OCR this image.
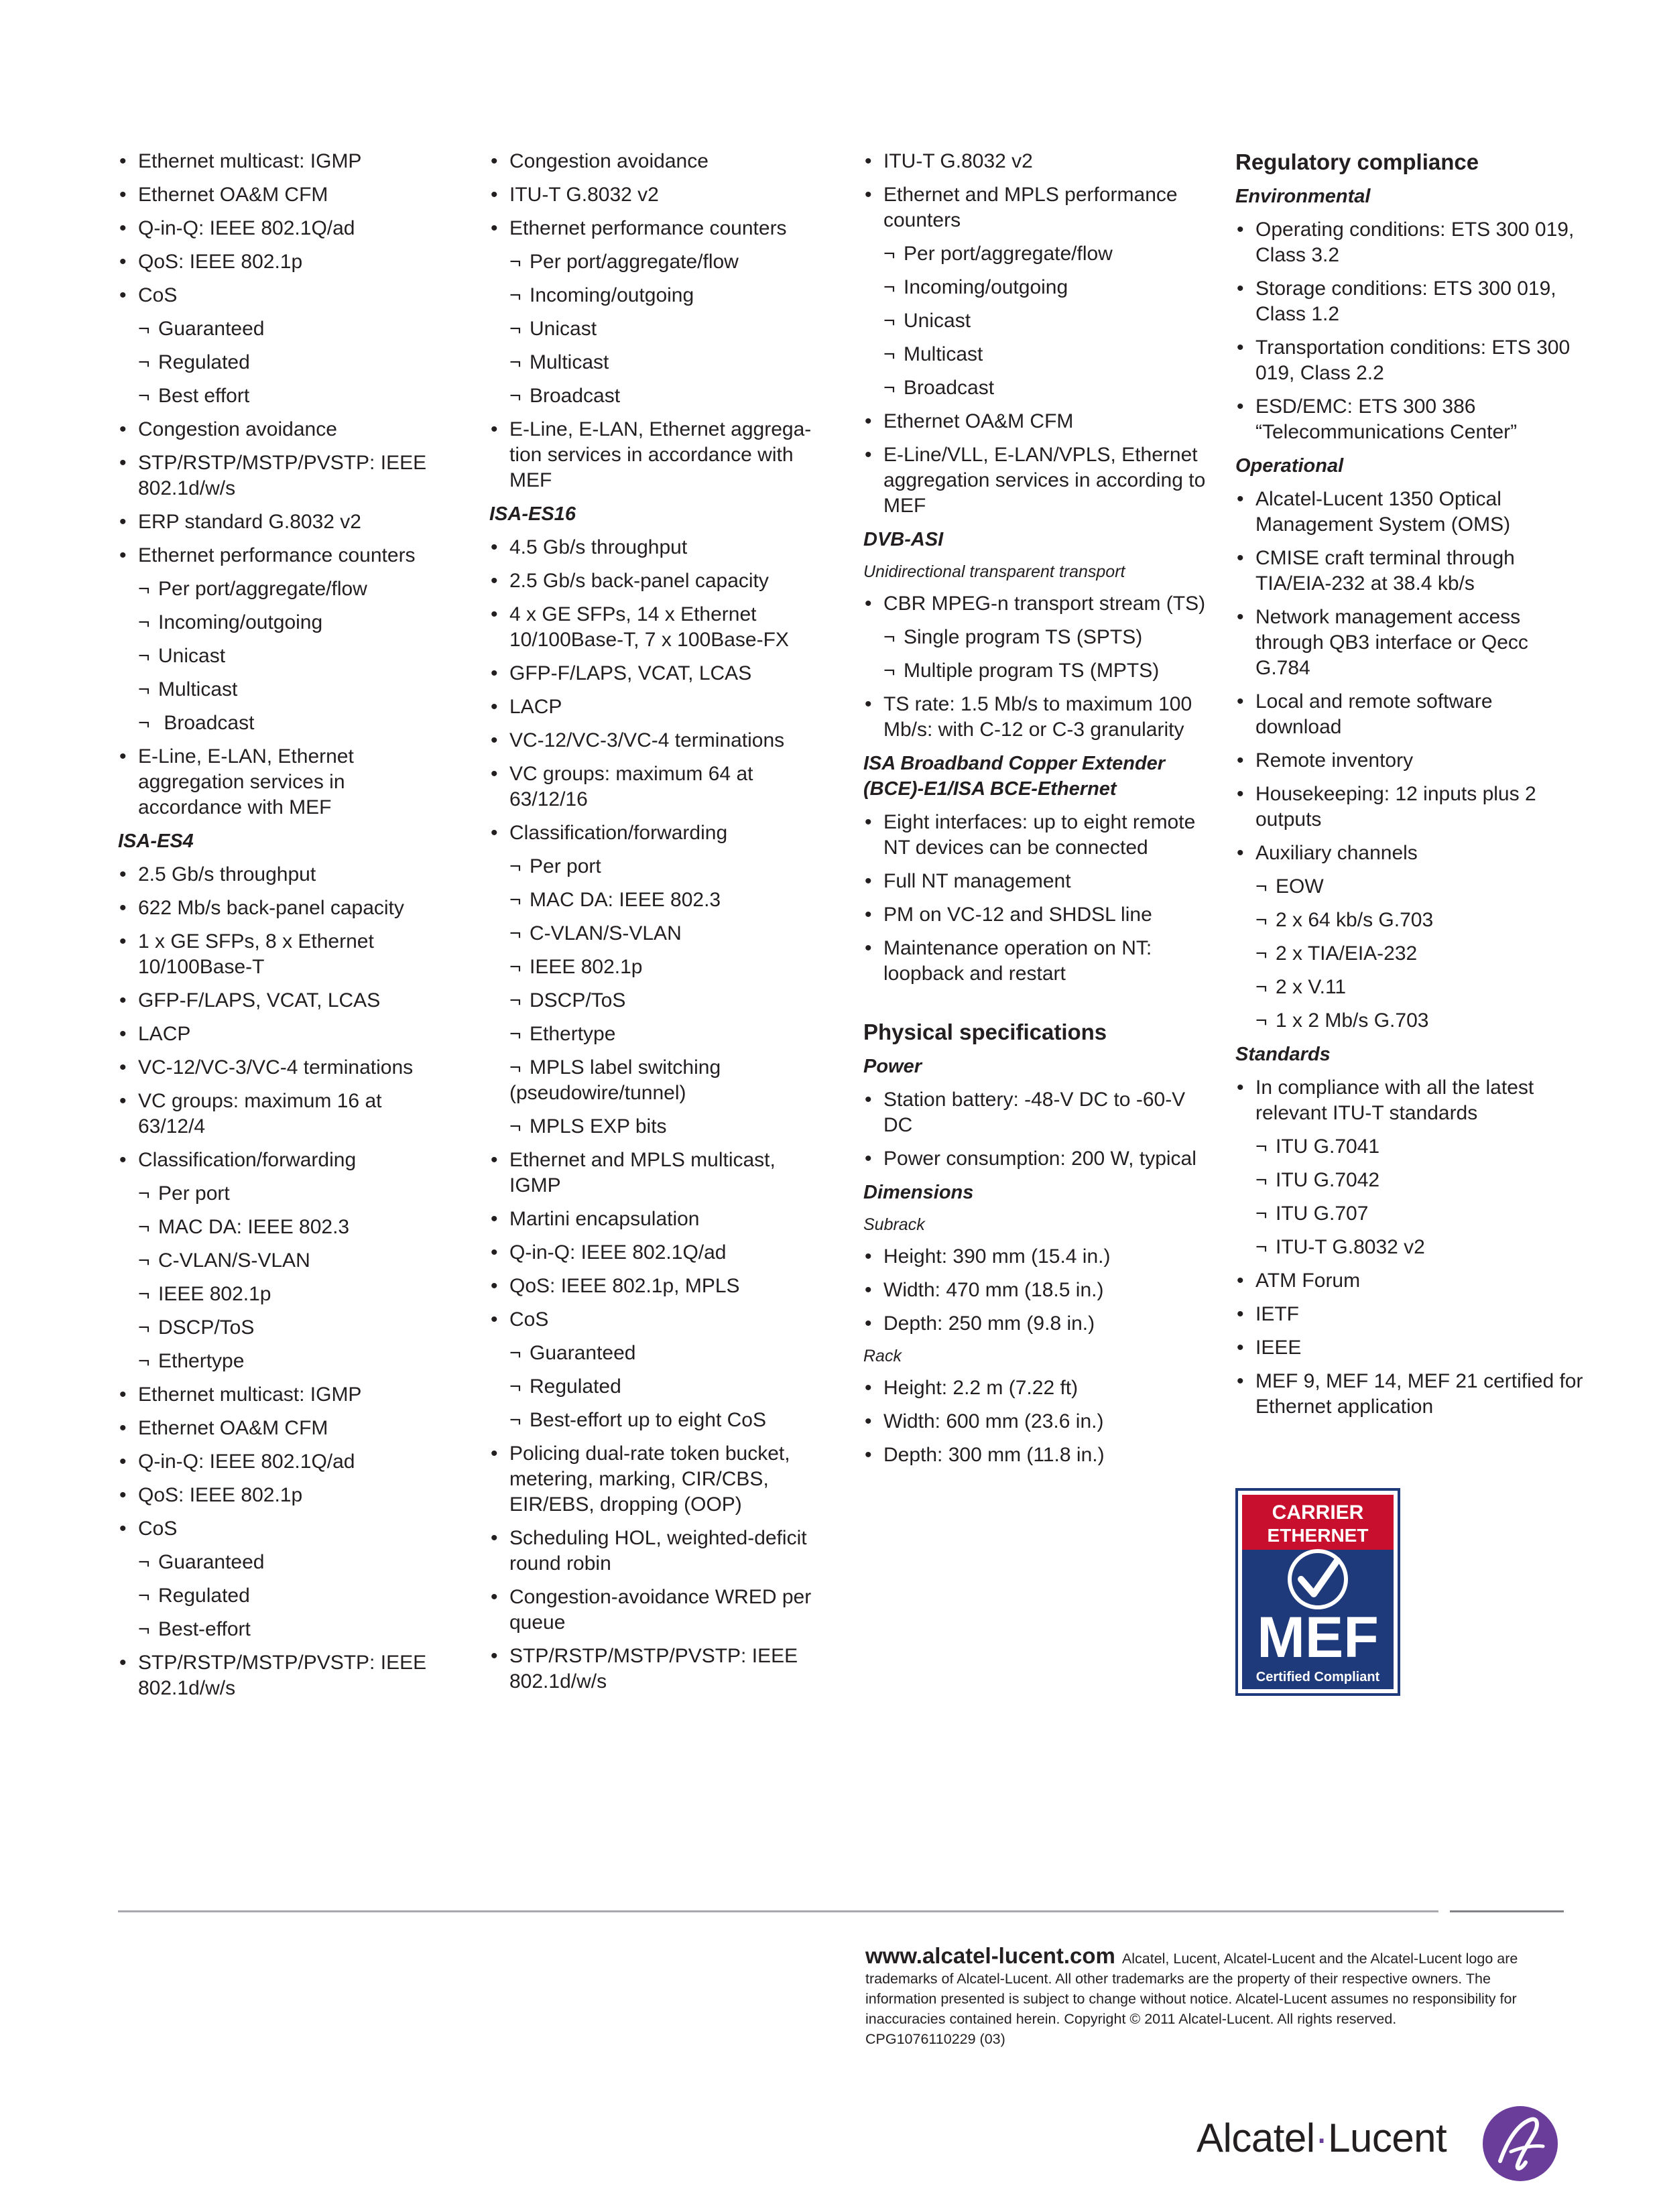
• Ethernet multicast: IGMP
• Ethernet OA&M CFM
• Q-in-Q: IEEE 802.1Q/ad
• QoS: IEEE 802.1p
• CoS
¬ Guaranteed
¬ Regulated
¬ Best effort
• Congestion avoidance
• STP/RSTP/MSTP/PVSTP: IEEE 802.1d/w/s
• ERP standard G.8032 v2
• Ethernet performance counters
¬ Per port/aggregate/flow
¬ Incoming/outgoing
¬ Unicast
¬ Multicast
¬ Broadcast
• E-Line, E-LAN, Ethernet aggregation services in accordance with MEF
ISA-ES4
• 2.5 Gb/s throughput
• 622 Mb/s back-panel capacity
• 1 x GE SFPs, 8 x Ethernet 10/100Base-T
• GFP-F/LAPS, VCAT, LCAS
• LACP
• VC-12/VC-3/VC-4 terminations
• VC groups: maximum 16 at 63/12/4
• Classification/forwarding
¬ Per port
¬ MAC DA: IEEE 802.3
¬ C-VLAN/S-VLAN
¬ IEEE 802.1p
¬ DSCP/ToS
¬ Ethertype
• Ethernet multicast: IGMP
• Ethernet OA&M CFM
• Q-in-Q: IEEE 802.1Q/ad
• QoS: IEEE 802.1p
• CoS
¬ Guaranteed
¬ Regulated
¬ Best-effort
• STP/RSTP/MSTP/PVSTP: IEEE 802.1d/w/s
• Congestion avoidance
• ITU-T G.8032 v2
• Ethernet performance counters
¬ Per port/aggregate/flow
¬ Incoming/outgoing
¬ Unicast
¬ Multicast
¬ Broadcast
• E-Line, E-LAN, Ethernet aggrega-tion services in accordance with MEF
ISA-ES16
• 4.5 Gb/s throughput
• 2.5 Gb/s back-panel capacity
• 4 x GE SFPs, 14 x Ethernet 10/100Base-T, 7 x 100Base-FX
• GFP-F/LAPS, VCAT, LCAS
• LACP
• VC-12/VC-3/VC-4 terminations
• VC groups: maximum 64 at 63/12/16
• Classification/forwarding
¬ Per port
¬ MAC DA: IEEE 802.3
¬ C-VLAN/S-VLAN
¬ IEEE 802.1p
¬ DSCP/ToS
¬ Ethertype
¬ MPLS label switching (pseudowire/tunnel)
¬ MPLS EXP bits
• Ethernet and MPLS multicast, IGMP
• Martini encapsulation
• Q-in-Q: IEEE 802.1Q/ad
• QoS: IEEE 802.1p, MPLS
• CoS
¬ Guaranteed
¬ Regulated
¬ Best-effort up to eight CoS
• Policing dual-rate token bucket, metering, marking, CIR/CBS, EIR/EBS, dropping (OOP)
• Scheduling HOL, weighted-deficit round robin
• Congestion-avoidance WRED per queue
• STP/RSTP/MSTP/PVSTP: IEEE 802.1d/w/s
• ITU-T G.8032 v2
• Ethernet and MPLS performance counters
¬ Per port/aggregate/flow
¬ Incoming/outgoing
¬ Unicast
¬ Multicast
¬ Broadcast
• Ethernet OA&M CFM
• E-Line/VLL, E-LAN/VPLS, Ethernet aggregation services in according to MEF
DVB-ASI
Unidirectional transparent transport
• CBR MPEG-n transport stream (TS)
¬ Single program TS (SPTS)
¬ Multiple program TS (MPTS)
• TS rate: 1.5 Mb/s to maximum 100 Mb/s: with C-12 or C-3 granularity
ISA Broadband Copper Extender (BCE)-E1/ISA BCE-Ethernet
• Eight interfaces: up to eight remote NT devices can be connected
• Full NT management
• PM on VC-12 and SHDSL line
• Maintenance operation on NT: loopback and restart
Physical specifications
Power
• Station battery: -48-V DC to -60-V DC
• Power consumption: 200 W, typical
Dimensions
Subrack
• Height: 390 mm (15.4 in.)
• Width: 470 mm (18.5 in.)
• Depth: 250 mm (9.8 in.)
Rack
• Height: 2.2 m (7.22 ft)
• Width: 600 mm (23.6 in.)
• Depth: 300 mm (11.8 in.)
Regulatory compliance
Environmental
• Operating conditions: ETS 300 019, Class 3.2
• Storage conditions: ETS 300 019, Class 1.2
• Transportation conditions: ETS 300 019, Class 2.2
• ESD/EMC: ETS 300 386 “Telecommunications Center”
Operational
• Alcatel-Lucent 1350 Optical Management System (OMS)
• CMISE craft terminal through TIA/EIA-232 at 38.4 kb/s
• Network management access through QB3 interface or Qecc G.784
• Local and remote software download
• Remote inventory
• Housekeeping: 12 inputs plus 2 outputs
• Auxiliary channels
¬ EOW
¬ 2 x 64 kb/s G.703
¬ 2 x TIA/EIA-232
¬ 2 x V.11
¬ 1 x 2 Mb/s G.703
Standards
• In compliance with all the latest relevant ITU-T standards
¬ ITU G.7041
¬ ITU G.7042
¬ ITU G.707
¬ ITU-T G.8032 v2
• ATM Forum
• IETF
• IEEE
• MEF 9, MEF 14, MEF 21 certified for Ethernet application
CARRIER
ETHERNET
MEF
Certified Compliant
www.alcatel-lucent.com Alcatel, Lucent, Alcatel-Lucent and the Alcatel-Lucent logo are trademarks of Alcatel-Lucent. All other trademarks are the property of their respective owners. The information presented is subject to change without notice. Alcatel-Lucent assumes no responsibility for inaccuracies contained herein. Copyright © 2011 Alcatel-Lucent. All rights reserved.
CPG1076110229 (03)
Alcatel·Lucent
